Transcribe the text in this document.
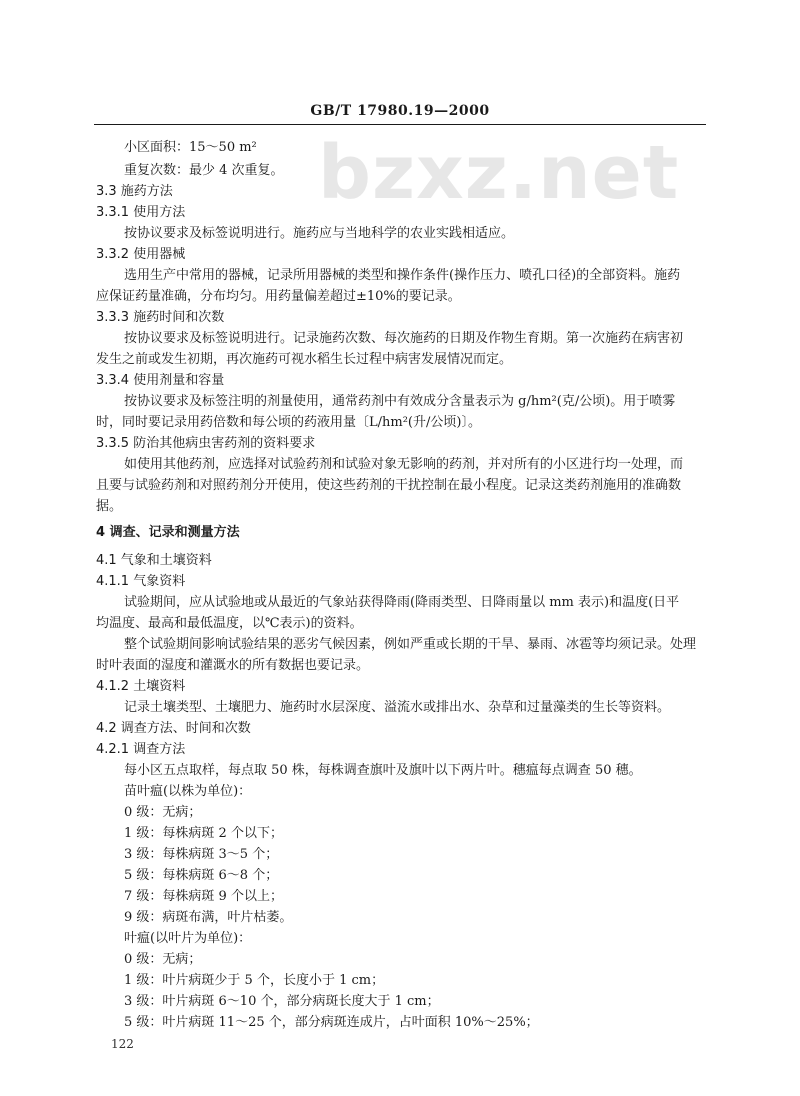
GB/T 17980.19—2000
bzxz.net
小区面积：15～50 m²
重复次数：最少 4 次重复。
3.3 施药方法
3.3.1 使用方法
按协议要求及标签说明进行。施药应与当地科学的农业实践相适应。
3.3.2 使用器械
选用生产中常用的器械，记录所用器械的类型和操作条件(操作压力、喷孔口径)的全部资料。施药
应保证药量准确，分布均匀。用药量偏差超过±10%的要记录。
3.3.3 施药时间和次数
按协议要求及标签说明进行。记录施药次数、每次施药的日期及作物生育期。第一次施药在病害初
发生之前或发生初期，再次施药可视水稻生长过程中病害发展情况而定。
3.3.4 使用剂量和容量
按协议要求及标签注明的剂量使用，通常药剂中有效成分含量表示为 g/hm²(克/公顷)。用于喷雾
时，同时要记录用药倍数和每公顷的药液用量〔L/hm²(升/公顷)〕。
3.3.5 防治其他病虫害药剂的资料要求
如使用其他药剂，应选择对试验药剂和试验对象无影响的药剂，并对所有的小区进行均一处理，而
且要与试验药剂和对照药剂分开使用，使这些药剂的干扰控制在最小程度。记录这类药剂施用的准确数
据。
4 调查、记录和测量方法
4.1 气象和土壤资料
4.1.1 气象资料
试验期间，应从试验地或从最近的气象站获得降雨(降雨类型、日降雨量以 mm 表示)和温度(日平
均温度、最高和最低温度，以℃表示)的资料。
整个试验期间影响试验结果的恶劣气候因素，例如严重或长期的干旱、暴雨、冰雹等均须记录。处理
时叶表面的湿度和灌溉水的所有数据也要记录。
4.1.2 土壤资料
记录土壤类型、土壤肥力、施药时水层深度、溢流水或排出水、杂草和过量藻类的生长等资料。
4.2 调查方法、时间和次数
4.2.1 调查方法
每小区五点取样，每点取 50 株，每株调查旗叶及旗叶以下两片叶。穗瘟每点调查 50 穗。
苗叶瘟(以株为单位)：
0 级：无病；
1 级：每株病斑 2 个以下；
3 级：每株病斑 3～5 个；
5 级：每株病斑 6～8 个；
7 级：每株病斑 9 个以上；
9 级：病斑布满，叶片枯萎。
叶瘟(以叶片为单位)：
0 级：无病；
1 级：叶片病斑少于 5 个，长度小于 1 cm；
3 级：叶片病斑 6～10 个，部分病斑长度大于 1 cm；
5 级：叶片病斑 11～25 个，部分病斑连成片，占叶面积 10%～25%；
122
